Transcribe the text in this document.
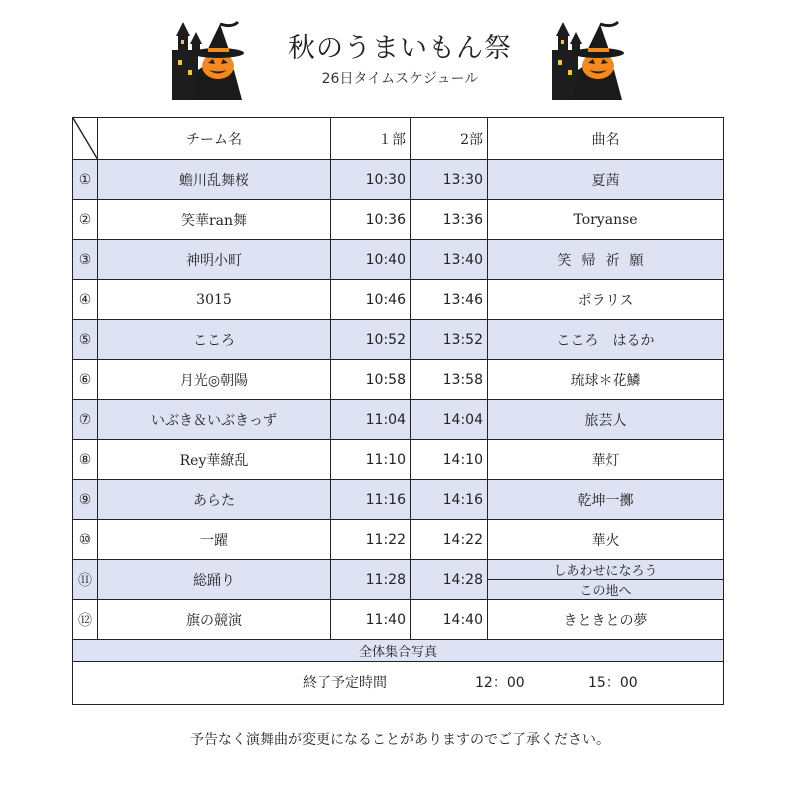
秋のうまいもん祭
26日タイムスケジュール
	チーム名	１部	2部	曲名
①	蟾川乱舞桜	10:30	13:30	夏茜
②	笑華ran舞	10:36	13:36	Toryanse
③	神明小町	10:40	13:40	笑帰祈願
④	3015	10:46	13:46	ポラリス
⑤	こころ	10:52	13:52	こころ　はるか
⑥	月光◎朝陽	10:58	13:58	琉球＊花鱗
⑦	いぶき＆いぶきっず	11:04	14:04	旅芸人
⑧	Rey華繚乱	11:10	14:10	華灯
⑨	あらた	11:16	14:16	乾坤一擲
⑩	一躍	11:22	14:22	華火
⑪	総踊り	11:28	14:28	しあわせになろう
				この地へ
⑫	旗の競演	11:40	14:40	きときとの夢
全体集合写真				

終了予定時間 12：00 15：00				
予告なく演舞曲が変更になることがありますのでご了承ください。
